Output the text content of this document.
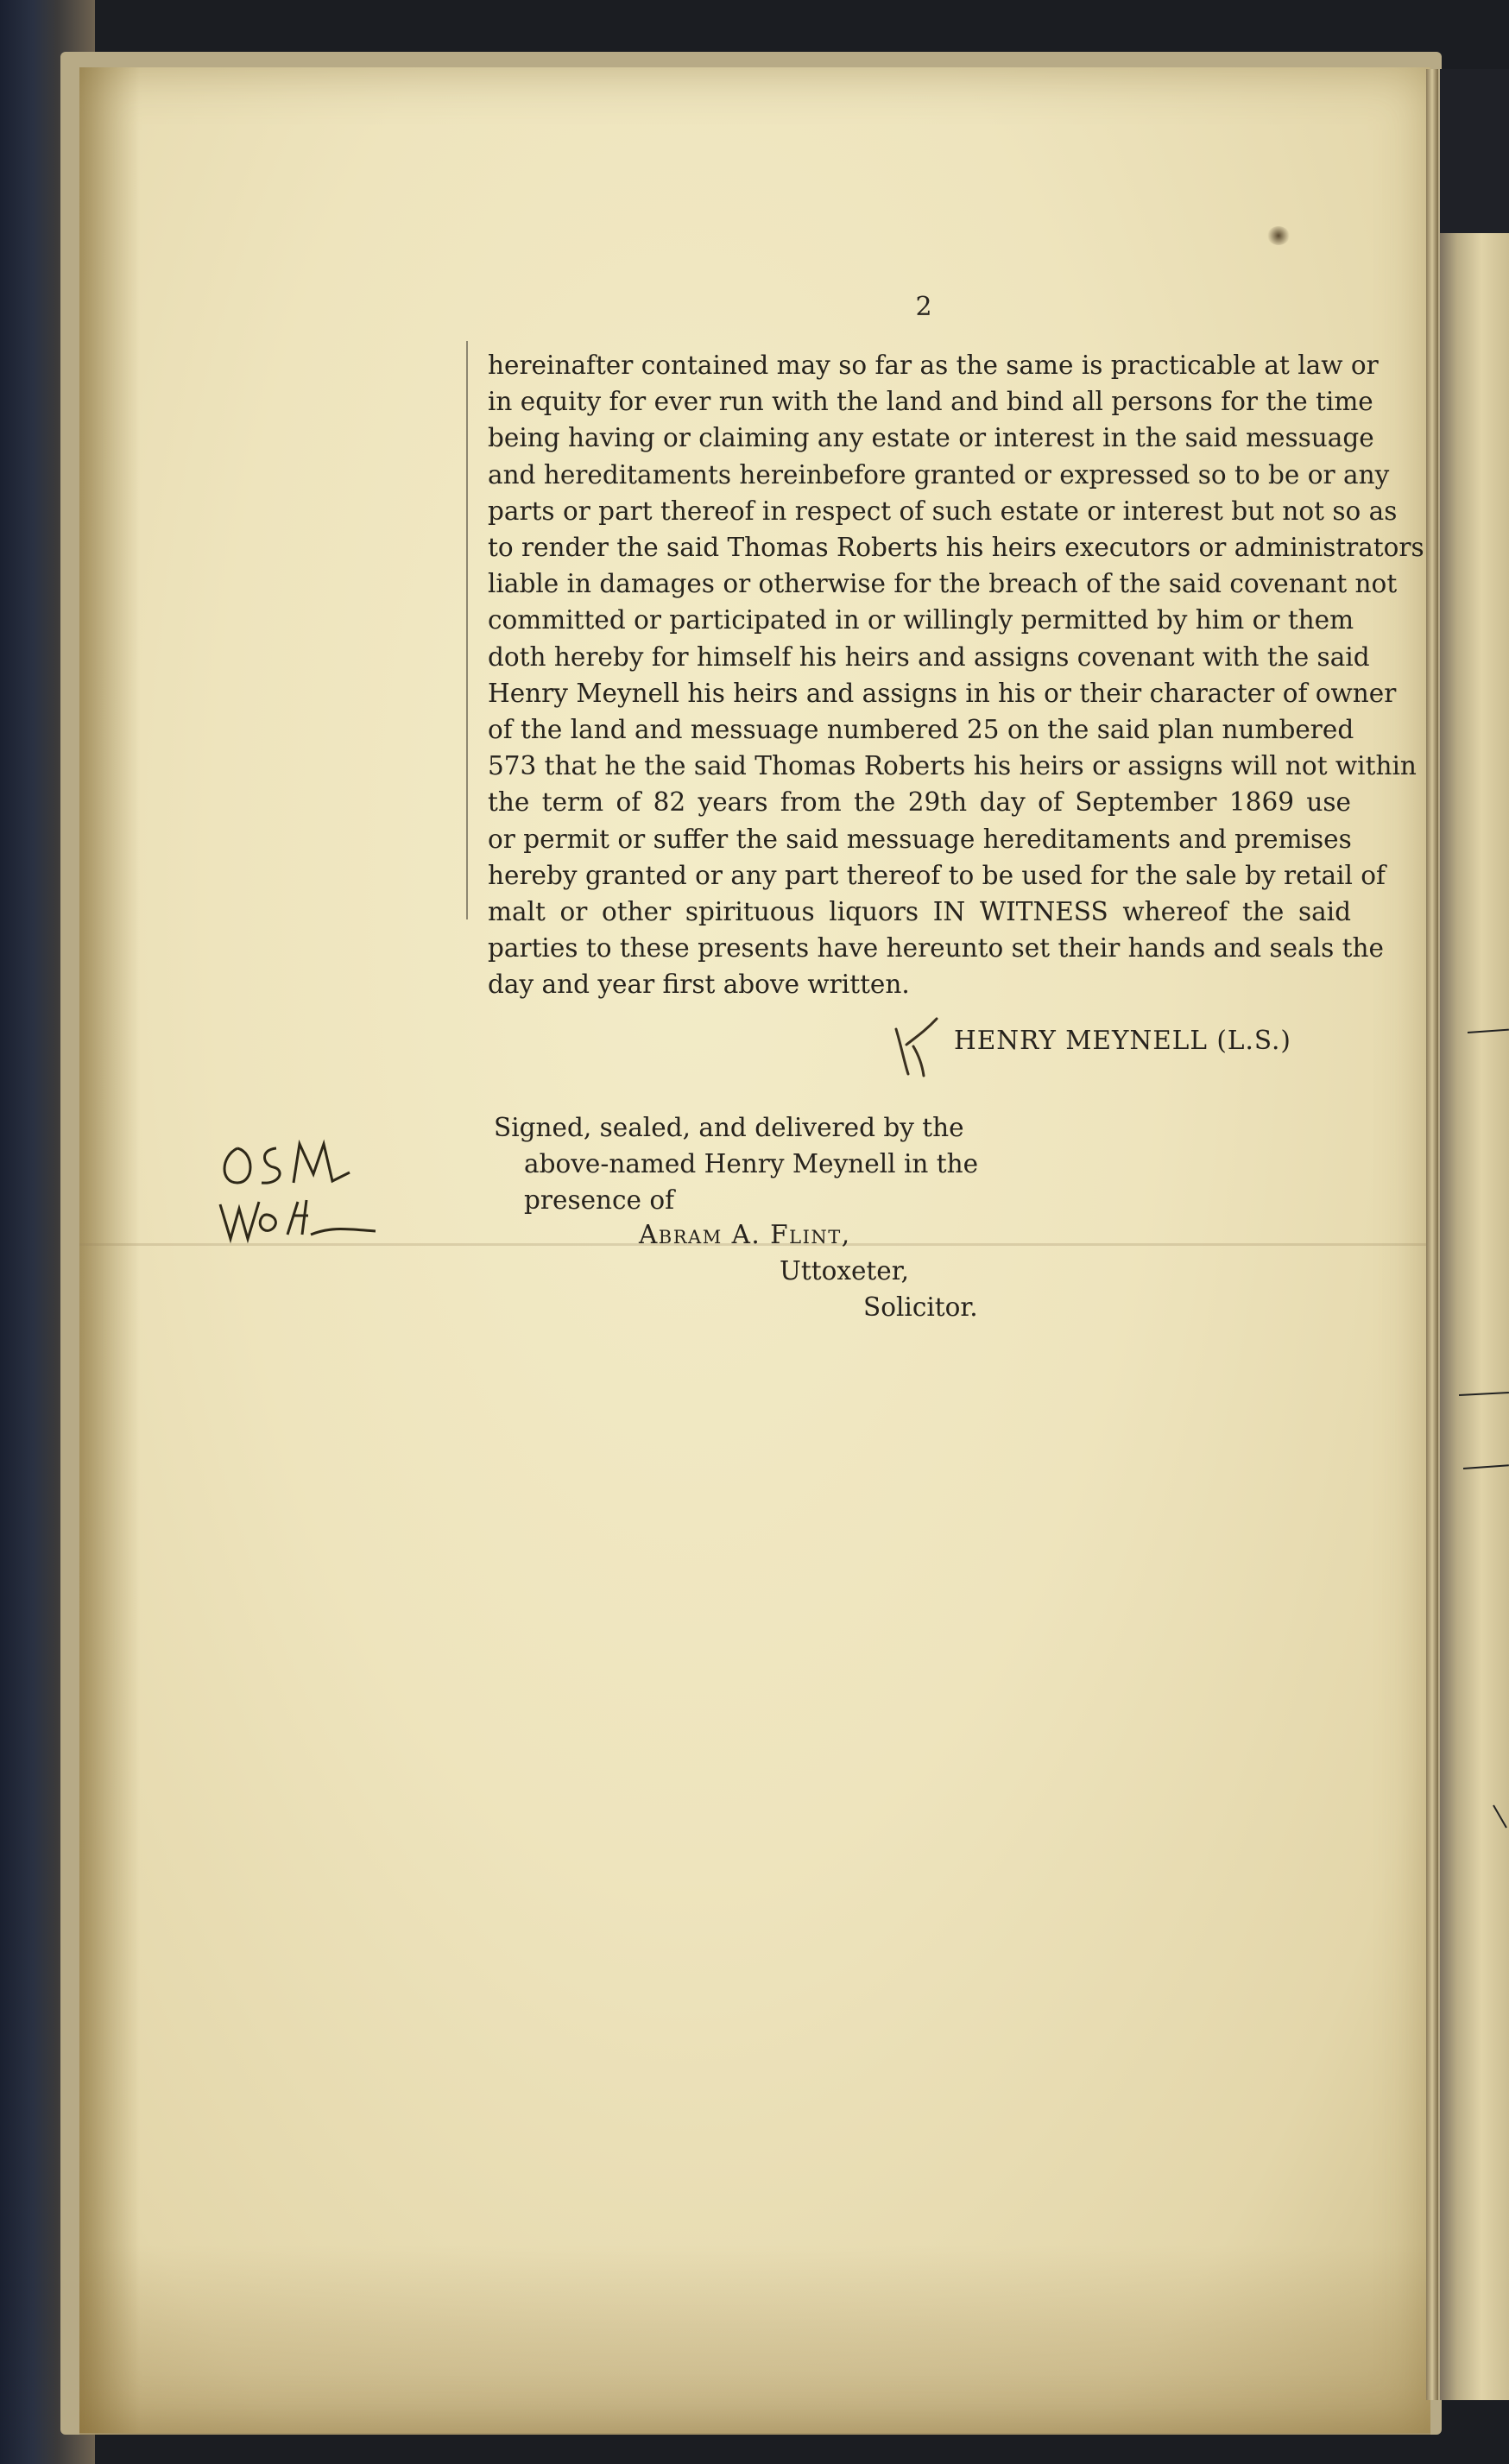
2
hereinafter contained may so far as the same is practicable at law or
in equity for ever run with the land and bind all persons for the time
being having or claiming any estate or interest in the said messuage
and hereditaments hereinbefore granted or expressed so to be or any
parts or part thereof in respect of such estate or interest but not so as
to render the said Thomas Roberts his heirs executors or administrators
liable in damages or otherwise for the breach of the said covenant not
committed or participated in or willingly permitted by him or them
doth hereby for himself his heirs and assigns covenant with the said
Henry Meynell his heirs and assigns in his or their character of owner
of the land and messuage numbered 25 on the said plan numbered
573 that he the said Thomas Roberts his heirs or assigns will not within
the term of 82 years from the 29th day of September 1869 use
or permit or suffer the said messuage hereditaments and premises
hereby granted or any part thereof to be used for the sale by retail of
malt or other spirituous liquors IN WITNESS whereof the said
parties to these presents have hereunto set their hands and seals the
day and year first above written.
HENRY MEYNELL (L.S.)
Signed, sealed, and delivered by the
above-named Henry Meynell in the
presence of
Abram A. Flint,
Uttoxeter,
Solicitor.
